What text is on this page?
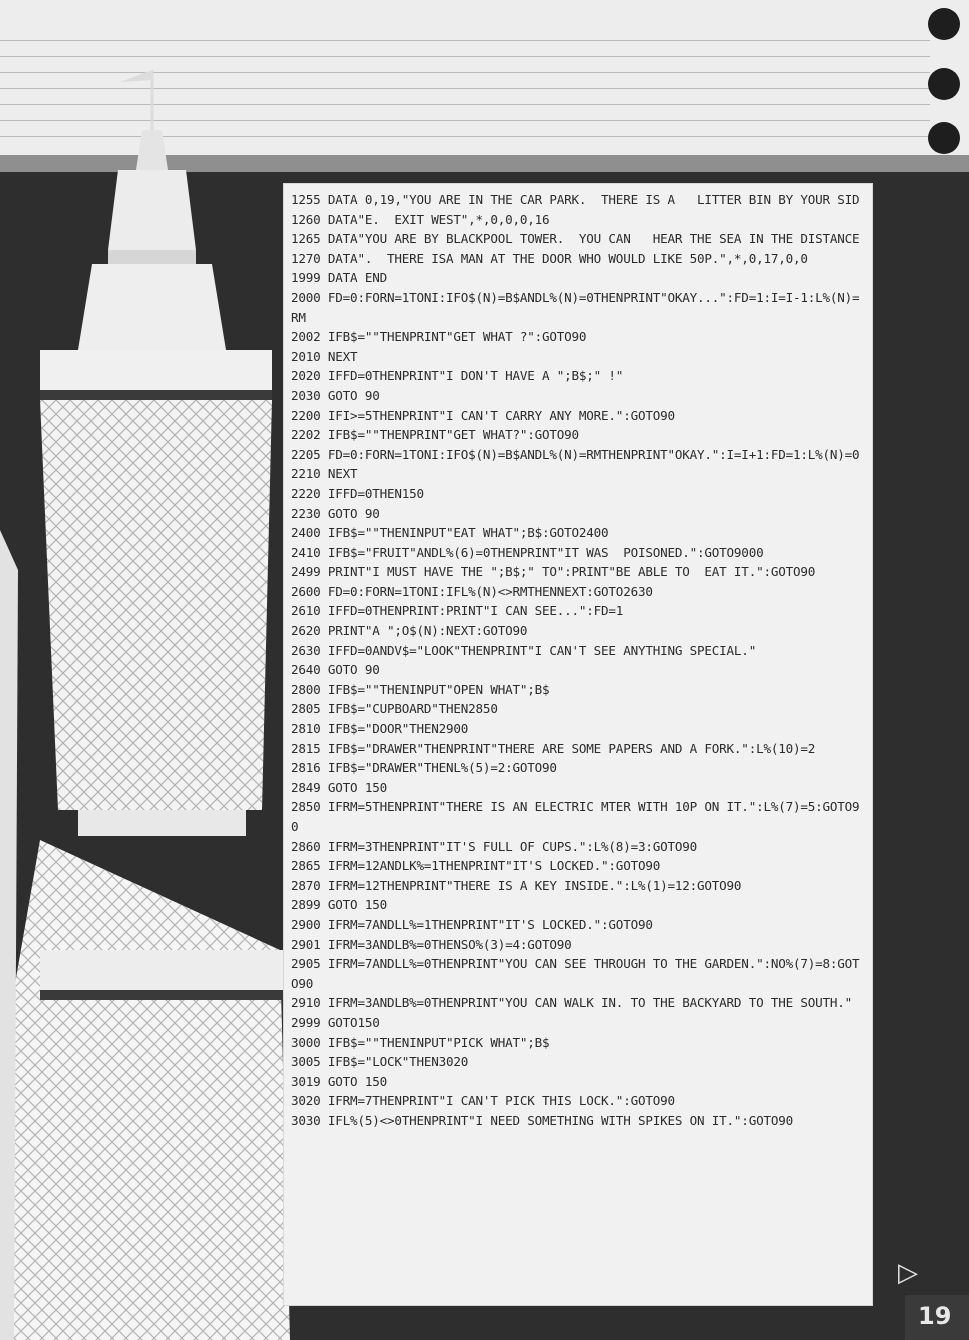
1255 DATA 0,19,"YOU ARE IN THE CAR PARK.  THERE IS A   LITTER BIN BY YOUR SID
1260 DATA"E.  EXIT WEST",*,0,0,0,16
1265 DATA"YOU ARE BY BLACKPOOL TOWER.  YOU CAN   HEAR THE SEA IN THE DISTANCE
1270 DATA".  THERE ISA MAN AT THE DOOR WHO WOULD LIKE 50P.",*,0,17,0,0
1999 DATA END
2000 FD=0:FORN=1TONI:IFO$(N)=B$ANDL%(N)=0THENPRINT"OKAY...":FD=1:I=I-1:L%(N)=RM
2002 IFB$=""THENPRINT"GET WHAT ?":GOTO90
2010 NEXT
2020 IFFD=0THENPRINT"I DON'T HAVE A ";B$;" !"
2030 GOTO 90
2200 IFI>=5THENPRINT"I CAN'T CARRY ANY MORE.":GOTO90
2202 IFB$=""THENPRINT"GET WHAT?":GOTO90
2205 FD=0:FORN=1TONI:IFO$(N)=B$ANDL%(N)=RMTHENPRINT"OKAY.":I=I+1:FD=1:L%(N)=0
2210 NEXT
2220 IFFD=0THEN150
2230 GOTO 90
2400 IFB$=""THENINPUT"EAT WHAT";B$:GOTO2400
2410 IFB$="FRUIT"ANDL%(6)=0THENPRINT"IT WAS  POISONED.":GOTO9000
2499 PRINT"I MUST HAVE THE ";B$;" TO":PRINT"BE ABLE TO  EAT IT.":GOTO90
2600 FD=0:FORN=1TONI:IFL%(N)<>RMTHENNEXT:GOTO2630
2610 IFFD=0THENPRINT:PRINT"I CAN SEE...":FD=1
2620 PRINT"A ";O$(N):NEXT:GOTO90
2630 IFFD=0ANDV$="LOOK"THENPRINT"I CAN'T SEE ANYTHING SPECIAL."
2640 GOTO 90
2800 IFB$=""THENINPUT"OPEN WHAT";B$
2805 IFB$="CUPBOARD"THEN2850
2810 IFB$="DOOR"THEN2900
2815 IFB$="DRAWER"THENPRINT"THERE ARE SOME PAPERS AND A FORK.":L%(10)=2
2816 IFB$="DRAWER"THENL%(5)=2:GOTO90
2849 GOTO 150
2850 IFRM=5THENPRINT"THERE IS AN ELECTRIC MTER WITH 10P ON IT.":L%(7)=5:GOTO90
2860 IFRM=3THENPRINT"IT'S FULL OF CUPS.":L%(8)=3:GOTO90
2865 IFRM=12ANDLK%=1THENPRINT"IT'S LOCKED.":GOTO90
2870 IFRM=12THENPRINT"THERE IS A KEY INSIDE.":L%(1)=12:GOTO90
2899 GOTO 150
2900 IFRM=7ANDLL%=1THENPRINT"IT'S LOCKED.":GOTO90
2901 IFRM=3ANDLB%=0THENSO%(3)=4:GOTO90
2905 IFRM=7ANDLL%=0THENPRINT"YOU CAN SEE THROUGH TO THE GARDEN.":NO%(7)=8:GOTO90
2910 IFRM=3ANDLB%=0THENPRINT"YOU CAN WALK IN. TO THE BACKYARD TO THE SOUTH."
2999 GOTO150
3000 IFB$=""THENINPUT"PICK WHAT";B$
3005 IFB$="LOCK"THEN3020
3019 GOTO 150
3020 IFRM=7THENPRINT"I CAN'T PICK THIS LOCK.":GOTO90
3030 IFL%(5)<>0THENPRINT"I NEED SOMETHING WITH SPIKES ON IT.":GOTO90
▷
19
